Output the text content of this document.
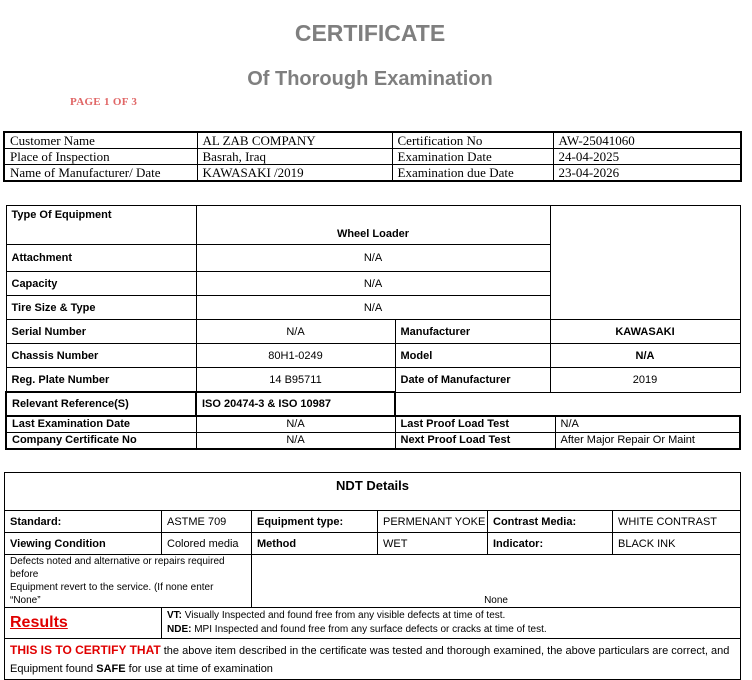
CERTIFICATE
Of Thorough Examination
PAGE 1 OF 3
Customer Name	AL ZAB COMPANY	Certification No	AW-25041060
Place of Inspection	Basrah, Iraq	Examination Date	24-04-2025
Name of Manufacturer/ Date	KAWASAKI /2019	Examination due Date	23-04-2026
Type Of Equipment	Wheel Loader		
Attachment	N/A		
Capacity	N/A		
Tire Size & Type	N/A		
Serial Number	N/A	Manufacturer	KAWASAKI
Chassis Number	80H1-0249	Model	N/A
Reg. Plate Number	14 B95711	Date of Manufacturer	2019
Relevant Reference(S)	ISO 20474-3 & ISO 10987		
Last Examination Date	N/A	Last Proof Load Test	N/A
Company Certificate No	N/A	Next Proof Load Test	After Major Repair Or Maint
NDT Details					
Standard:	ASTME 709	Equipment type:	PERMENANT YOKE	Contrast Media:	WHITE CONTRAST
Viewing Condition	Colored media	Method	WET	Indicator:	BLACK INK

Defects noted and alternative or repairs required before
Equipment revert to the service. (If none enter “None”		None			
Results	VT: Visually Inspected and found free from any visible defects at time of test.
NDE: MPI Inspected and found free from any surface defects or cracks at time of test.				

THIS IS TO CERTIFY THAT the above item described in the certificate was tested and thorough examined, the above particulars are correct, and Equipment found SAFE for use at time of examination					
